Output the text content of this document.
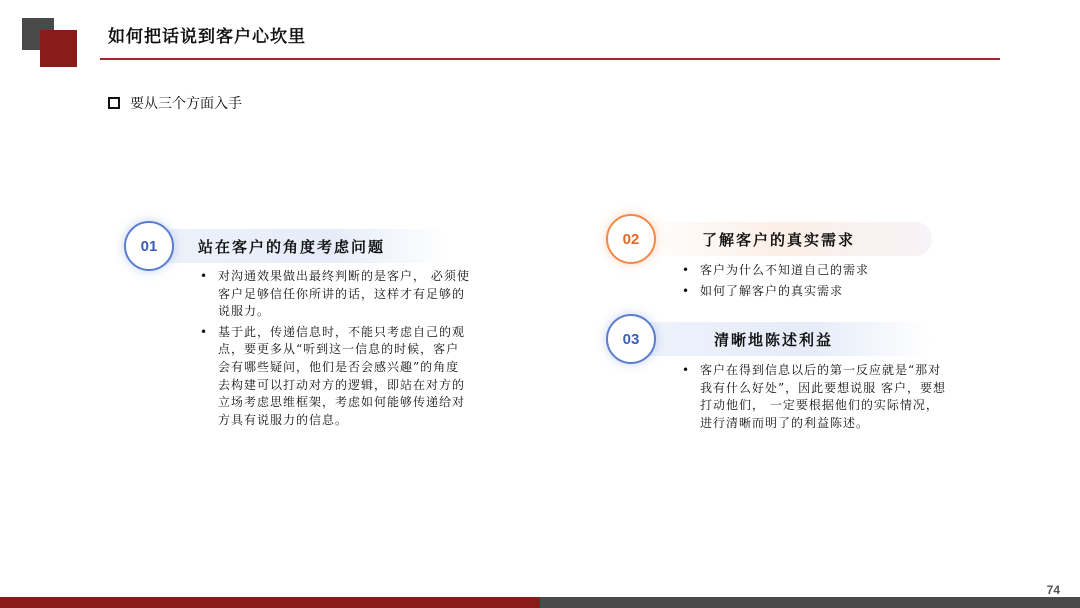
如何把话说到客户心坎里
要从三个方面入手
站在客户的角度考虑问题
01
• 对沟通效果做出最终判断的是客户， 必须使客户足够信任你所讲的话，这样才有足够的说服力。
• 基于此，传递信息时，不能只考虑自己的观点，要更多从“听到这一信息的时候，客户会有哪些疑问，他们是否会感兴趣”的角度去构建可以打动对方的逻辑，即站在对方的立场考虑思维框架，考虑如何能够传递给对方具有说服力的信息。
了解客户的真实需求
02
• 客户为什么不知道自己的需求
• 如何了解客户的真实需求
清晰地陈述利益
03
• 客户在得到信息以后的第一反应就是“那对我有什么好处”，因此要想说服 客户，要想打动他们， 一定要根据他们的实际情况，进行清晰而明了的利益陈述。
74
